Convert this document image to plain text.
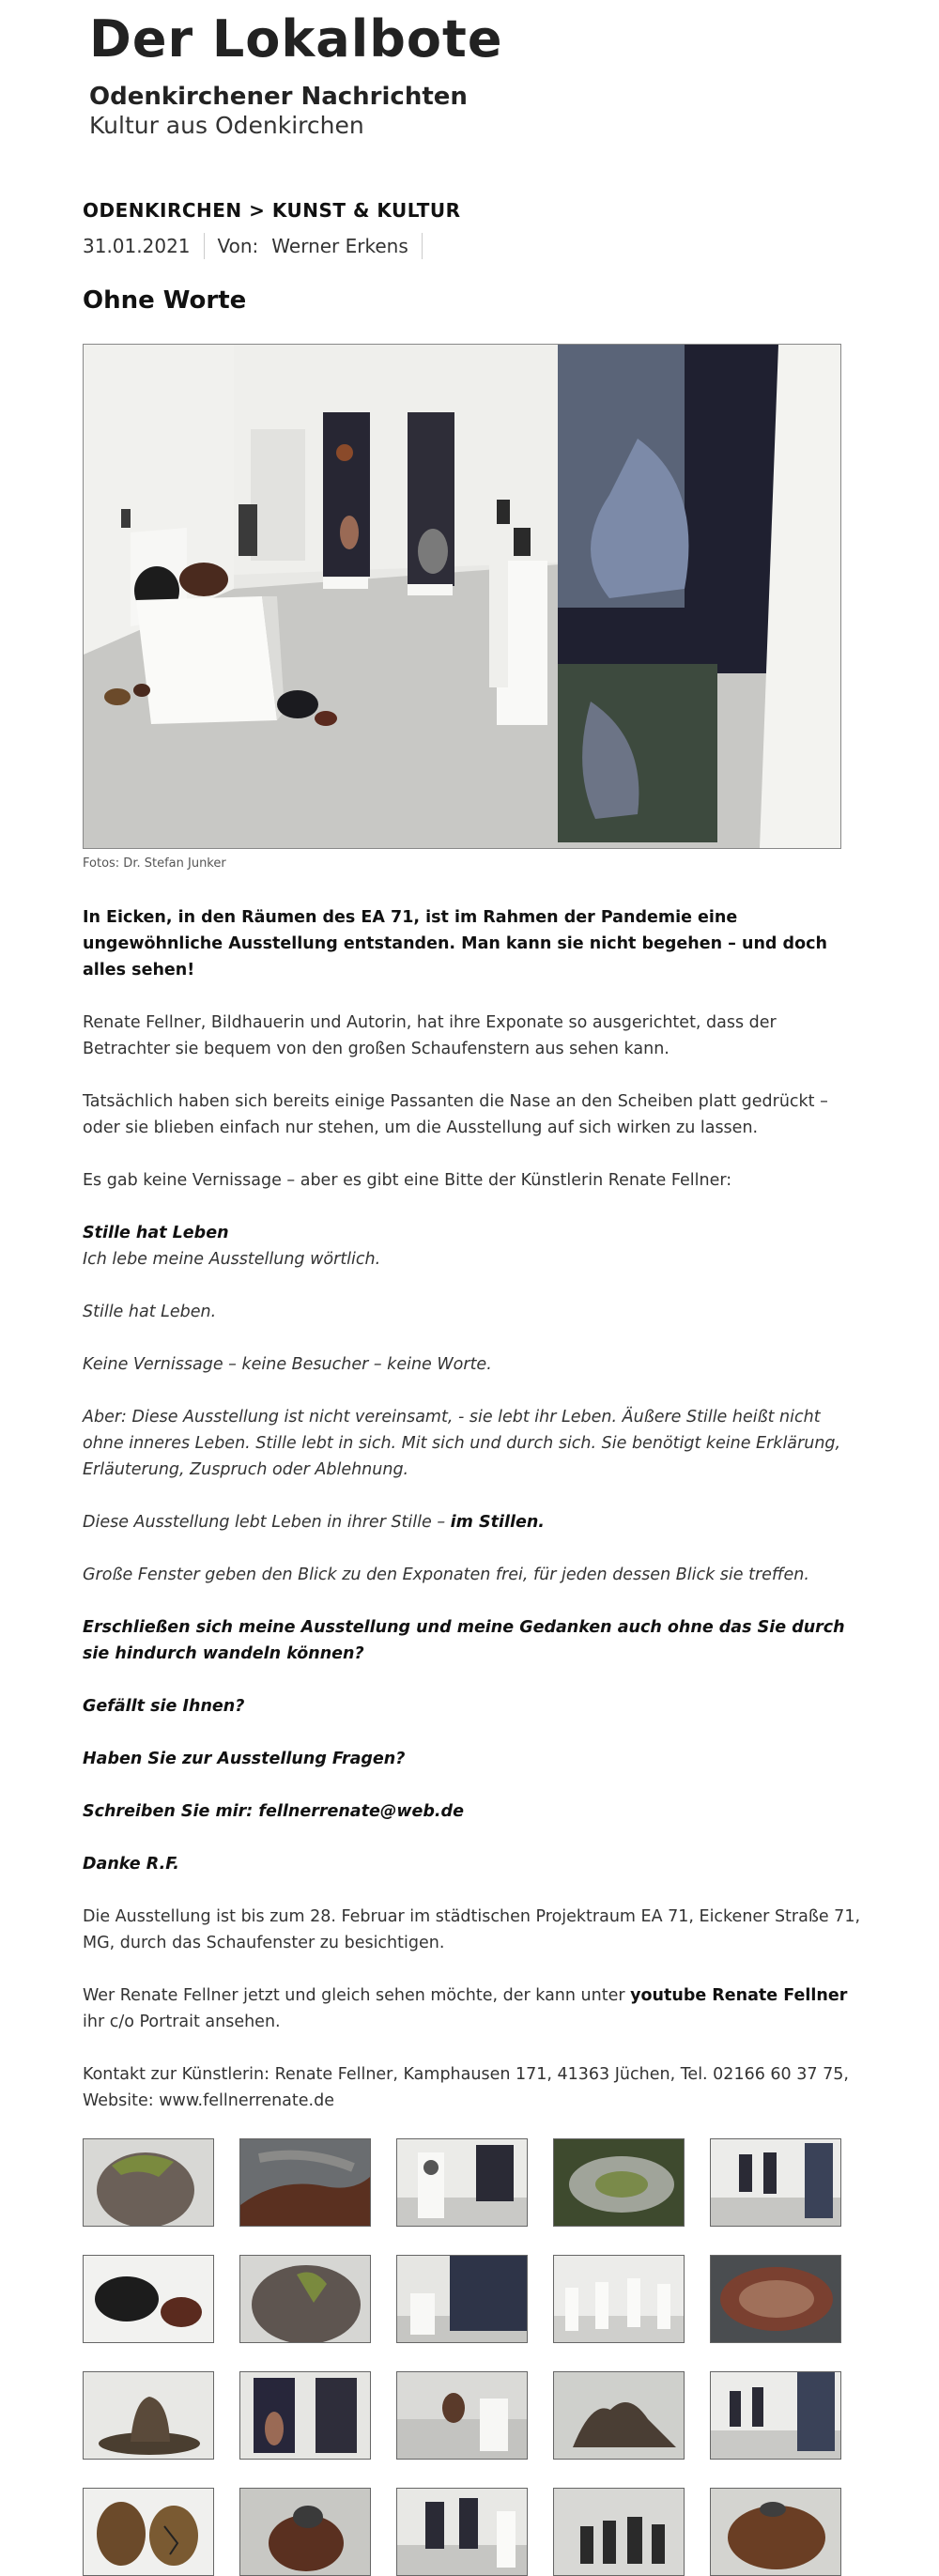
Der Lokalbote
Odenkirchener Nachrichten
Kultur aus Odenkirchen
ODENKIRCHEN > KUNST & KULTUR
31.01.2021 Von: Werner Erkens
Ohne Worte
Fotos: Dr. Stefan Junker

In Eicken, in den Räumen des EA 71, ist im Rahmen der Pandemie eine ungewöhnliche Ausstellung entstanden. Man kann sie nicht begehen – und doch alles sehen!

Renate Fellner, Bildhauerin und Autorin, hat ihre Exponate so ausgerichtet, dass der Betrachter sie bequem von den großen Schaufenstern aus sehen kann.

Tatsächlich haben sich bereits einige Passanten die Nase an den Scheiben platt gedrückt – oder sie blieben einfach nur stehen, um die Ausstellung auf sich wirken zu lassen.

Es gab keine Vernissage – aber es gibt eine Bitte der Künstlerin Renate Fellner:

Stille hat Leben

Ich lebe meine Ausstellung wörtlich.

Stille hat Leben.

Keine Vernissage – keine Besucher – keine Worte.

Aber: Diese Ausstellung ist nicht vereinsamt, - sie lebt ihr Leben. Äußere Stille heißt nicht ohne inneres Leben. Stille lebt in sich. Mit sich und durch sich. Sie benötigt keine Erklärung, Erläuterung, Zuspruch oder Ablehnung.

Diese Ausstellung lebt Leben in ihrer Stille – im Stillen.

Große Fenster geben den Blick zu den Exponaten frei, für jeden dessen Blick sie treffen.

Erschließen sich meine Ausstellung und meine Gedanken auch ohne das Sie durch sie hindurch wandeln können?

Gefällt sie Ihnen?

Haben Sie zur Ausstellung Fragen?

Schreiben Sie mir: fellnerrenate@web.de

Danke R.F.

Die Ausstellung ist bis zum 28. Februar im städtischen Projektraum EA 71, Eickener Straße 71, MG, durch das Schaufenster zu besichtigen.

Wer Renate Fellner jetzt und gleich sehen möchte, der kann unter youtube Renate Fellner ihr c/o Portrait ansehen.

Kontakt zur Künstlerin: Renate Fellner, Kamphausen 171, 41363 Jüchen, Tel. 02166 60 37 75, Website: www.fellnerrenate.de
